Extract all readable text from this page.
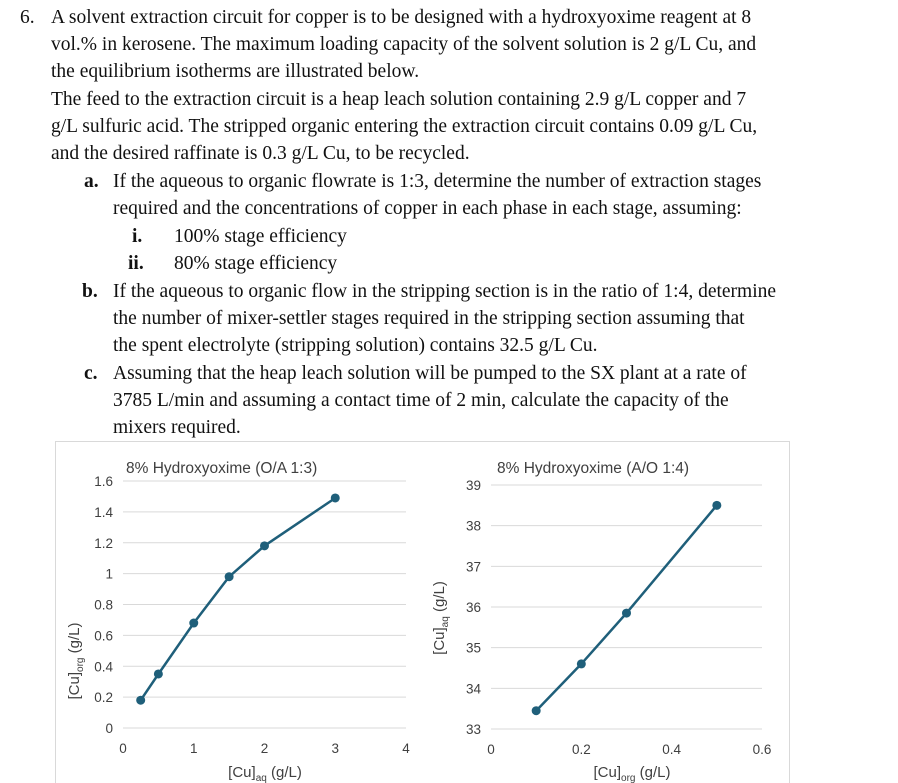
6. A solvent extraction circuit for copper is to be designed with a hydroxyoxime reagent at 8
vol.% in kerosene. The maximum loading capacity of the solvent solution is 2 g/L Cu, and
the equilibrium isotherms are illustrated below.
The feed to the extraction circuit is a heap leach solution containing 2.9 g/L copper and 7
g/L sulfuric acid. The stripped organic entering the extraction circuit contains 0.09 g/L Cu,
and the desired raffinate is 0.3 g/L Cu, to be recycled.
a. If the aqueous to organic flowrate is 1:3, determine the number of extraction stages
required and the concentrations of copper in each phase in each stage, assuming:
i. 100% stage efficiency
ii. 80% stage efficiency
b. If the aqueous to organic flow in the stripping section is in the ratio of 1:4, determine
the number of mixer-settler stages required in the stripping section assuming that
the spent electrolyte (stripping solution) contains 32.5 g/L Cu.
c. Assuming that the heap leach solution will be pumped to the SX plant at a rate of
3785 L/min and assuming a contact time of 2 min, calculate the capacity of the
mixers required.
8% Hydroxyoxime (O/A 1:3)
0
0.2
0.4
0.6
0.8
1
1.2
1.4
1.6
0	1	2	3	4
$[Cu]_{org}$ (g/L)
$[Cu]_{aq}$ (g/L)
8% Hydroxyoxime (A/O 1:4)
33
34
35
36
37
38
39
0	0.2	0.4	0.6
$[Cu]_{aq}$ (g/L)
$[Cu]_{org}$ (g/L)
